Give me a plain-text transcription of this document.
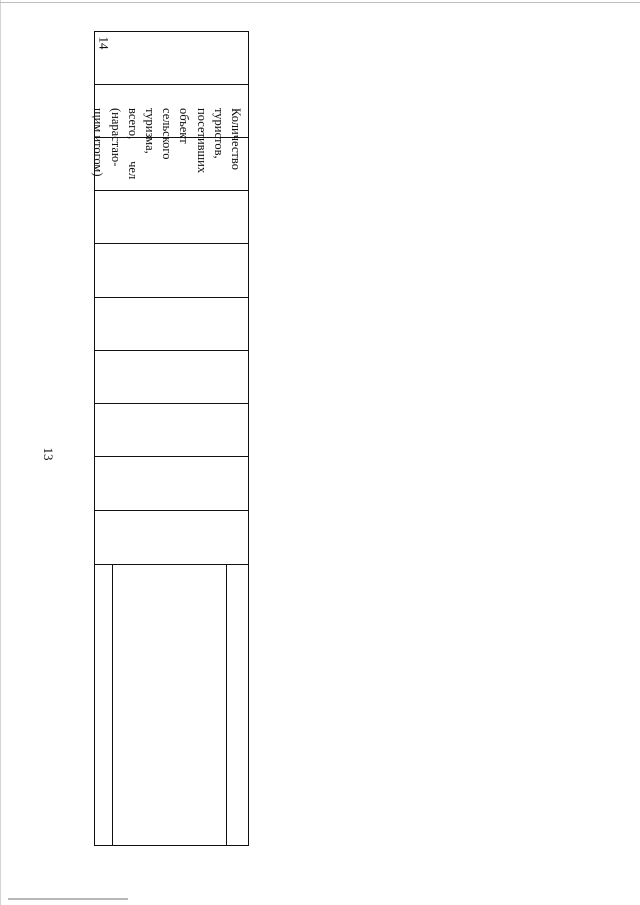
13
14
Количество
туристов,
посетивших
объект
сельского
туризма,
всего,       чел
(нарастаю-
щим итогом)
